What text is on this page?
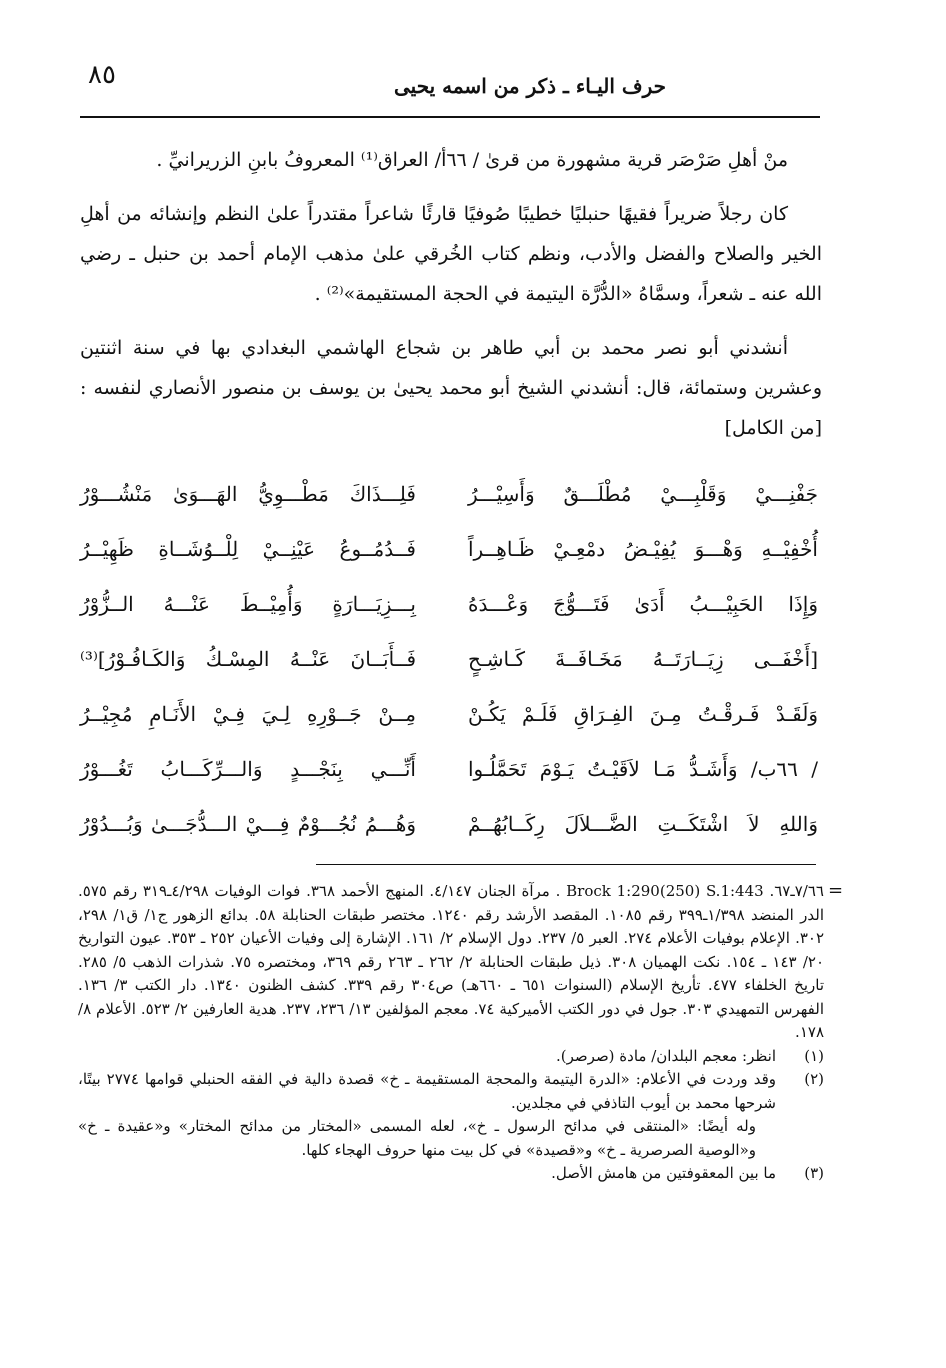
٨٥	حرف اليـاء ـ ذكر من اسمه يحيى

منْ أهلِ صَرْصَر قرية مشهورة من قرىٰ / ٦٦أ/ العراق⁽¹⁾ المعروفُ بابنِ الزريرانيِّ .

كان رجلاً ضريراً فقيهًا حنبليًا خطيبًا صُوفيًا قارئًا شاعراً مقتدراً علىٰ النظم وإنشائه من أهلِ الخير والصلاح والفضل والأدب، ونظم كتاب الخُرقي علىٰ مذهب الإمام أحمد بن حنبل ـ رضي الله عنه ـ شعراً، وسمَّاهُ «الدُّرَّة اليتيمة في الحجة المستقيمة»⁽²⁾ .

أنشدني أبو نصر محمد بن أبي طاهر بن شجاع الهاشمي البغدادي بها في سنة اثنتين وعشرين وستمائة، قال: أنشدني الشيخ أبو محمد يحيىٰ بن يوسف بن منصور الأنصاري لنفسه : [من الكامل]

جَفْنِـــيْ وَقَلْبِـــيْ مُطْلَـــقٌ وَأَسِيْـــرُ
فَلِـــذَاكَ مَطْـــوِيُّ الهَـــوَىٰ مَنْشُـــوْرُ
أُخْفِيْــهِ وَهْـــوَ يُفِيْـضُ دمْعِـيْ ظَـاهِــراً
فَــدُمُــوعُ عَيْنِــيْ لِلْــوُشَــاةِ ظَهِيْــرُ
وَإِذَا الحَبِيْـــبُ أَدَىٰ فَتَـــوُّجَ وَعْـــدَهُ
بِـــزِيَـــارَةٍ وَأُمِيْــطَ عَنْـــهُ الــزُّوْرُ
[أَخْفَــى زِيَــارَتَــهُ مَخَـافَــةَ كَـاشِـحٍ
فَــأَبَــانَ عَنْــهُ المِسْـكُ وَالكَـافُـوْرُ]⁽³⁾
وَلَقَـدْ فَـرقْـتُ مِـنَ الفِـرَاقِ فَلَـمْ يَكُـنْ
مِــنْ جَــوْرِهِ لِـيَ فِـيْ الأَنَـامِ مُجِيْــرُ
/ ٦٦ب/ وَأَشَـدُّ مَـا لاَقَيْـتُ يَـوْمَ تَحَمَّلُـوا
أَنِّـــي بِنَجْـــدٍ وَالـــرِّكَـــابُ تَغُـــوْرُ
وَاللهِ لاَ اشْتَكَــتِ الضَّـــلاَلَ رِكَــابُهُــمْ
وَهُـــمُ نُجُـــوْمٌ فِـــيْ الـــدُّجَـــىٰ وَبُـــدُوْرُ
=

٧/٦٦ـ٦٧. Brock 1:290(250) S.1:443 . مرآة الجنان ٤/١٤٧. المنهج الأحمد ٣٦٨. فوات الوفيات ٤/٢٩٨ـ٣١٩ رقم ٥٧٥. الدر المنضد ١/٣٩٨ـ٣٩٩ رقم ١٠٨٥. المقصد الأرشد رقم ١٢٤٠. مختصر طبقات الحنابلة ٥٨. بدائع الزهور ج١/ ق١/ ٢٩٨، ٣٠٢. الإعلام بوفيات الأعلام ٢٧٤. العبر ٥/ ٢٣٧. دول الإسلام ٢/ ١٦١. الإشارة إلى وفيات الأعيان ٢٥٢ ـ ٣٥٣. عيون التواريخ ٢٠/ ١٤٣ ـ ١٥٤. نكت الهميان ٣٠٨. ذيل طبقات الحنابلة ٢/ ٢٦٢ ـ ٢٦٣ رقم ٣٦٩، ومختصره ٧٥. شذرات الذهب ٥/ ٢٨٥. تاريخ الخلفاء ٤٧٧. تأريخ الإسلام (السنوات ٦٥١ ـ ٦٦٠هـ) ص٣٠٤ رقم ٣٣٩. كشف الظنون ١٣٤٠. دار الكتب ٣/ ١٣٦. الفهرس التمهيدي ٣٠٣. جول في دور الكتب الأميركية ٧٤. معجم المؤلفين ١٣/ ٢٣٦، ٢٣٧. هدية العارفين ٢/ ٥٢٣. الأعلام ٨/ ١٧٨.

(١)
انظر: معجم البلدان/ مادة (صرصر).
(٢)
وقد وردت في الأعلام: «الدرة اليتيمة والمحجة المستقيمة ـ خ» قصدة دالية في الفقه الحنبلي قوامها ٢٧٧٤ بيتًا، شرحها محمد بن أيوب التاذفي في مجلدين.

وله أيضًا: «المنتقى في مدائح الرسول ـ خ»، لعله المسمى «المختار من مدائح المختار» و«عقيدة ـ خ» و«الوصية الصرصرية ـ خ» و«قصيدة» في كل بيت منها حروف الهجاء كلها.

(٣)
ما بين المعقوفتين من هامش الأصل.
